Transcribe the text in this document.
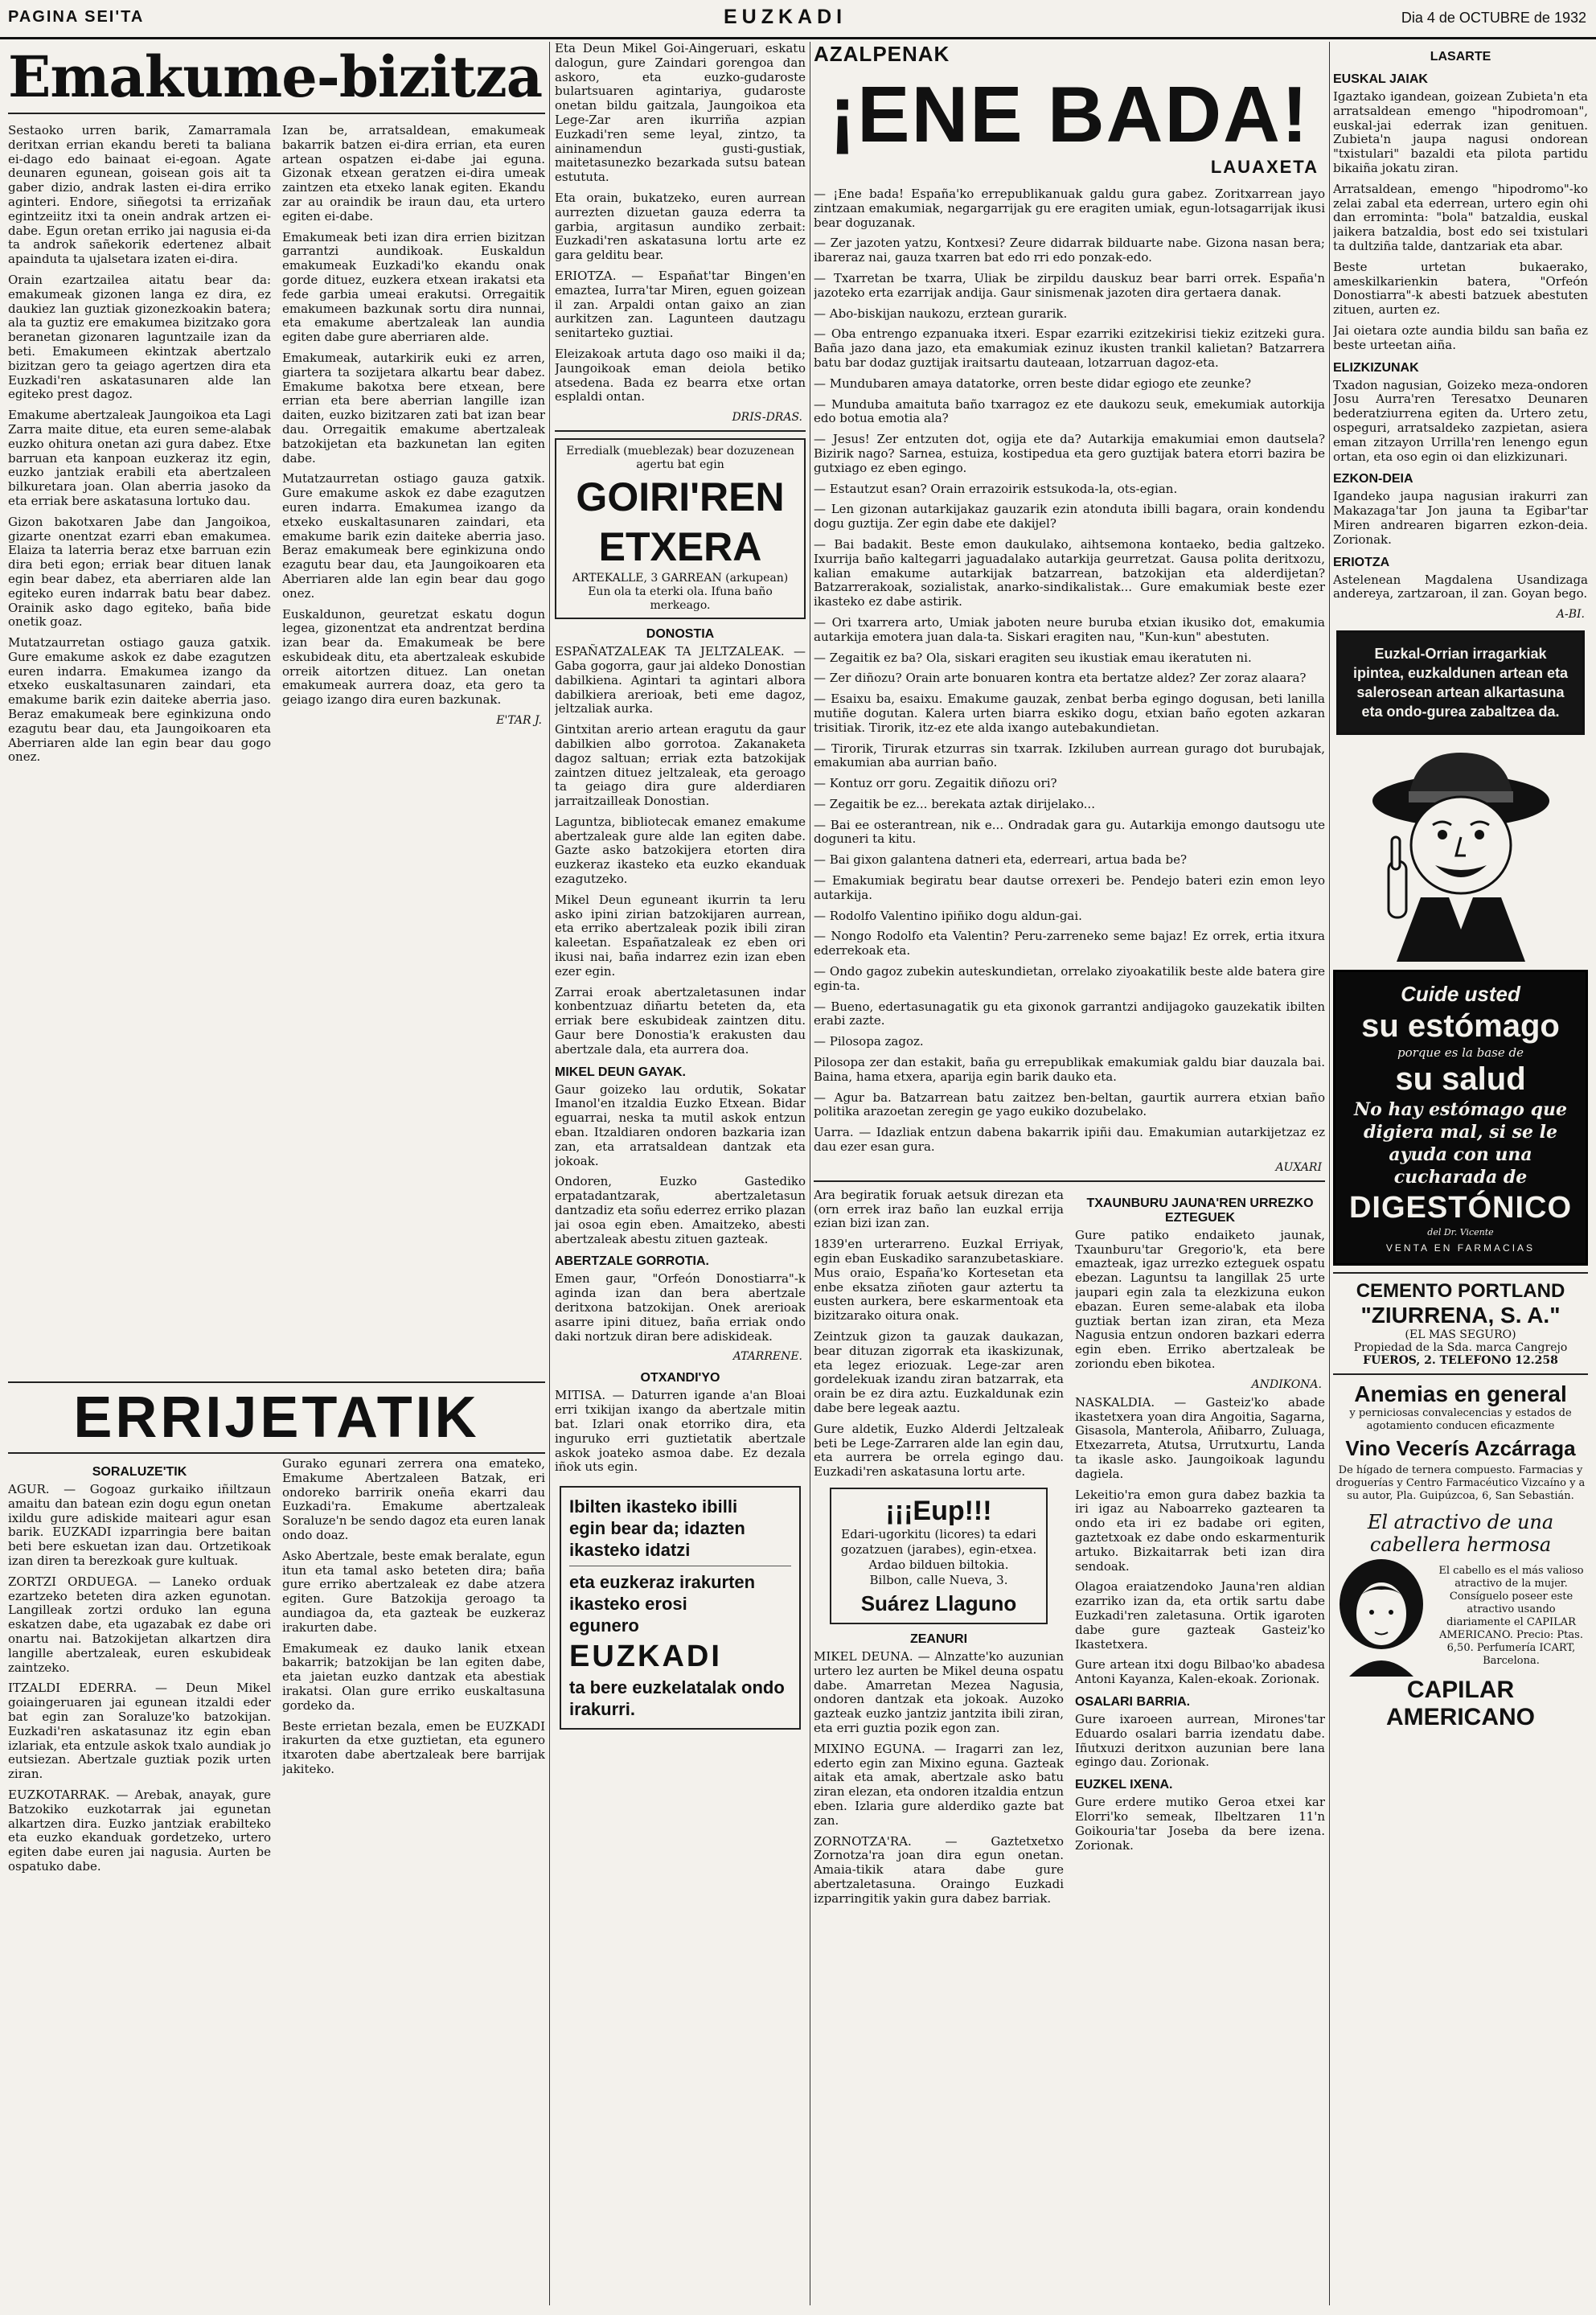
PAGINA SEI'TA	EUZKADI	Dia 4 de OCTUBRE de 1932
Emakume-bizitza

Sestaoko urren barik, Zamarramala deritxan errian ekandu bereti ta baliana ei-dago edo bainaat ei-egoan. Agate deunaren egunean, goisean gois ait ta gaber dizio, andrak lasten ei-dira erriko aginteri. Endore, siñegotsi ta errizañak egintzeiitz itxi ta onein andrak artzen ei-dabe. Egun oretan erriko jai nagusia ei-da ta androk sañekorik edertenez albait apainduta ta ujalsetara izaten ei-dira.

Orain ezartzailea aitatu bear da: emakumeak gizonen langa ez dira, ez daukiez lan guztiak gizonezkoakin batera; ala ta guztiz ere emakumea bizitzako gora beranetan gizonaren laguntzaile izan da beti. Emakumeen ekintzak abertzalo bizitzan gero ta geiago agertzen dira eta Euzkadi'ren askatasunaren alde lan egiteko prest dagoz.

Emakume abertzaleak Jaungoikoa eta Lagi Zarra maite ditue, eta euren seme-alabak euzko ohitura onetan azi gura dabez. Etxe barruan eta kanpoan euzkeraz itz egin, euzko jantziak erabili eta abertzaleen bilkuretara joan. Olan aberria jasoko da eta erriak bere askatasuna lortuko dau.

Gizon bakotxaren Jabe dan Jangoikoa, gizarte onentzat ezarri eban emakumea. Elaiza ta laterria beraz etxe barruan ezin dira beti egon; erriak bear dituen lanak egin bear dabez, eta aberriaren alde lan egiteko euren indarrak batu bear dabez. Orainik asko dago egiteko, baña bide onetik goaz.

Mutatzaurretan ostiago gauza gatxik. Gure emakume askok ez dabe ezagutzen euren indarra. Emakumea izango da etxeko euskaltasunaren zaindari, eta emakume barik ezin daiteke aberria jaso. Beraz emakumeak bere eginkizuna ondo ezagutu bear dau, eta Jaungoikoaren eta Aberriaren alde lan egin bear dau gogo onez.

Izan be, arratsaldean, emakumeak bakarrik batzen ei-dira errian, eta euren artean ospatzen ei-dabe jai eguna. Gizonak etxean geratzen ei-dira umeak zaintzen eta etxeko lanak egiten. Ekandu zar au oraindik be iraun dau, eta urtero egiten ei-dabe.

Emakumeak beti izan dira errien bizitzan garrantzi aundikoak. Euskaldun emakumeak Euzkadi'ko ekandu onak gorde dituez, euzkera etxean irakatsi eta fede garbia umeai erakutsi. Orregaitik emakumeen bazkunak sortu dira nunnai, eta emakume abertzaleak lan aundia egiten dabe gure aberriaren alde.

Emakumeak, autarkirik euki ez arren, giartera ta sozijetara alkartu bear dabez. Emakume bakotxa bere etxean, bere errian eta bere aberrian langille izan daiten, euzko bizitzaren zati bat izan bear dau. Orregaitik emakume abertzaleak batzokijetan eta bazkunetan lan egiten dabe.

Mutatzaurretan ostiago gauza gatxik. Gure emakume askok ez dabe ezagutzen euren indarra. Emakumea izango da etxeko euskaltasunaren zaindari, eta emakume barik ezin daiteke aberria jaso. Beraz emakumeak bere eginkizuna ondo ezagutu bear dau, eta Jaungoikoaren eta Aberriaren alde lan egin bear dau gogo onez.

Euskaldunon, geuretzat eskatu dogun legea, gizonentzat eta andrentzat berdina izan bear da. Emakumeak be bere eskubideak ditu, eta abertzaleak eskubide orreik aitortzen dituez. Lan onetan emakumeak aurrera doaz, eta gero ta geiago izango dira euren bazkunak.

E'TAR J.

ERRIJETATIK
SORALUZE'TIK

AGUR. — Gogoaz gurkaiko iñiltzaun amaitu dan batean ezin dogu egun onetan ixildu gure adiskide maiteari agur esan barik. EUZKADI izparringia bere baitan beti bere eskuetan izan dau. Ortzetikoak izan diren ta berezkoak gure kultuak.

ZORTZI ORDUEGA. — Laneko orduak ezartzeko beteten dira azken egunotan. Langilleak zortzi orduko lan eguna eskatzen dabe, eta ugazabak ez dabe ori onartu nai. Batzokijetan alkartzen dira langille abertzaleak, euren eskubideak zaintzeko.

ITZALDI EDERRA. — Deun Mikel goiaingeruaren jai egunean itzaldi eder bat egin zan Soraluze'ko batzokijan. Euzkadi'ren askatasunaz itz egin eban izlariak, eta entzule askok txalo aundiak jo eutsiezan. Abertzale guztiak pozik urten ziran.

EUZKOTARRAK. — Arebak, anayak, gure Batzokiko euzkotarrak jai egunetan alkartzen dira. Euzko jantziak erabilteko eta euzko ekanduak gordetzeko, urtero egiten dabe euren jai nagusia. Aurten be ospatuko dabe.

Gurako egunari zerrera ona emateko, Emakume Abertzaleen Batzak, eri ondoreko barririk oneña ekarri dau Euzkadi'ra. Emakume abertzaleak Soraluze'n be sendo dagoz eta euren lanak ondo doaz.

Asko Abertzale, beste emak beralate, egun itun eta tamal asko beteten dira; baña gure erriko abertzaleak ez dabe atzera egiten. Gure Batzokija geroago ta aundiagoa da, eta gazteak be euzkeraz irakurten dabe.

Emakumeak ez dauko lanik etxean bakarrik; batzokijan be lan egiten dabe, eta jaietan euzko dantzak eta abestiak irakatsi. Olan gure erriko euskaltasuna gordeko da.

Beste errietan bezala, emen be EUZKADI irakurten da etxe guztietan, eta egunero itxaroten dabe abertzaleak bere barrijak jakiteko.

Eta Deun Mikel Goi-Aingeruari, eskatu dalogun, gure Zaindari gorengoa dan askoro, eta euzko-gudaroste bulartsuaren agintariya, gudaroste onetan bildu gaitzala, Jaungoikoa eta Lege-Zar aren ikurriña azpian Euzkadi'ren seme leyal, zintzo, ta aininamendun gusti-gustiak, maitetasunezko bezarkada sutsu batean estututa.

Eta orain, bukatzeko, euren aurrean aurrezten dizuetan gauza ederra ta garbia, argitasun aundiko zerbait: Euzkadi'ren askatasuna lortu arte ez gara gelditu bear.

ERIOTZA. — Españat'tar Bingen'en emaztea, Iurra'tar Miren, eguen goizean il zan. Arpaldi ontan gaixo an zian aurkitzen zan. Lagunteen dautzagu senitarteko guztiai.

Eleizakoak artuta dago oso maiki il da; Jaungoikoak eman deiola betiko atsedena. Bada ez bearra etxe ortan esplaldi ontan.

DRIS-DRAS.

Erredialk (mueblezak) bear dozuzenean agertu bat egin
GOIRI'REN ETXERA
ARTEKALLE, 3 GARREAN (arkupean) Eun ola ta eterki ola. Ifuna baño merkeago.
DONOSTIA

ESPAÑATZALEAK TA JELTZALEAK. — Gaba gogorra, gaur jai aldeko Donostian dabilkiena. Agintari ta agintari albora dabilkiera arerioak, beti eme dagoz, jeltzaliak aurka.

Gintxitan arerio artean eragutu da gaur dabilkien albo gorrotoa. Zakanaketa dagoz saltuan; erriak ezta batzokijak zaintzen dituez jeltzaleak, eta geroago ta geiago dira gure alderdiaren jarraitzailleak Donostian.

Laguntza, bibliotecak emanez emakume abertzaleak gure alde lan egiten dabe. Gazte asko batzokijera etorten dira euzkeraz ikasteko eta euzko ekanduak ezagutzeko.

Mikel Deun eguneant ikurrin ta leru asko ipini zirian batzokijaren aurrean, eta erriko abertzaleak pozik ibili ziran kaleetan. Españatzaleak ez eben ori ikusi nai, baña indarrez ezin izan eben ezer egin.

Zarrai eroak abertzaletasunen indar konbentzuaz diñartu beteten da, eta erriak bere eskubideak zaintzen ditu. Gaur bere Donostia'k erakusten dau abertzale dala, eta aurrera doa.

MIKEL DEUN GAYAK.

Gaur goizeko lau ordutik, Sokatar Imanol'en itzaldia Euzko Etxean. Bidar eguarrai, neska ta mutil askok entzun eban. Itzaldiaren ondoren bazkaria izan zan, eta arratsaldean dantzak eta jokoak.

Ondoren, Euzko Gastediko erpatadantzarak, abertzaletasun dantzadiz eta soñu ederrez erriko plazan jai osoa egin eben. Amaitzeko, abesti abertzaleak abestu zituen gazteak.

ABERTZALE GORROTIA.

Emen gaur, "Orfeón Donostiarra"-k aginda izan dan bera abertzale deritxona batzokijan. Onek arerioak asarre ipini dituez, baña erriak ondo daki nortzuk diran bere adiskideak.

ATARRENE.

OTXANDI'YO

MITISA. — Daturren igande a'an Bloai erri txikijan ixango da abertzale mitin bat. Izlari onak etorriko dira, eta inguruko erri guztietatik abertzale askok joateko asmoa dabe. Ez dezala iñok uts egin.

Ibilten ikasteko ibilli
egin bear da; idazten
ikasteko idatzi
eta euzkeraz irakurten ikasteko erosi
egunero
EUZKADI
ta bere euzkelatalak ondo irakurri.
AZALPENAK
¡ENE BADA!
LAUAXETA

— ¡Ene bada! España'ko errepublikanuak galdu gura gabez. Zoritxarrean jayo zintzaan emakumiak, negargarrijak gu ere eragiten umiak, egun-lotsagarrijak ikusi bear doguzanak.

— Zer jazoten yatzu, Kontxesi? Zeure didarrak bilduarte nabe. Gizona nasan bera; ibareraz nai, gauza txarren bat edo rri edo ponzak-edo.

— Txarretan be txarra, Uliak be zirpildu dauskuz bear barri orrek. España'n jazoteko erta ezarrijak andija. Gaur sinismenak jazoten dira gertaera danak.

— Abo-biskijan naukozu, erztean gurarik.

— Oba entrengo ezpanuaka itxeri. Espar ezarriki ezitzekirisi tiekiz ezitzeki gura. Baña jazo dana jazo, eta emakumiak ezinuz ikusten trankil kalietan? Batzarrera batu bar dodaz guztijak iraitsartu dauteaan, lotzarruan dagoz-eta.

— Mundubaren amaya datatorke, orren beste didar egiogo ete zeunke?

— Munduba amaituta baño txarragoz ez ete daukozu seuk, emekumiak autorkija edo botua emotia ala?

— Jesus! Zer entzuten dot, ogija ete da? Autarkija emakumiai emon dautsela? Bizirik nago? Sarnea, estuiza, kostipedua eta gero guztijak batera etorri bazira be gutxiago ez eben egingo.

— Estautzut esan? Orain errazoirik estsukoda-la, ots-egian.

— Len gizonan autarkijakaz gauzarik ezin atonduta ibilli bagara, orain kondendu dogu guztija. Zer egin dabe ete dakijel?

— Bai badakit. Beste emon daukulako, aihtsemona kontaeko, bedia galtzeko. Ixurrija baño kaltegarri jaguadalako autarkija geurretzat. Gausa polita deritxozu, kalian emakume autarkijak batzarrean, batzokijan eta alderdijetan? Batzarrerakoak, sozialistak, anarko-sindikalistak... Gure emakumiak beste ezer ikasteko ez dabe astirik.

— Ori txarrera arto, Umiak jaboten neure buruba etxian ikusiko dot, emakumia autarkija emotera juan dala-ta. Siskari eragiten nau, "Kun-kun" abestuten.

— Zegaitik ez ba? Ola, siskari eragiten seu ikustiak emau ikeratuten ni.

— Zer diñozu? Orain arte bonuaren kontra eta bertatze aldez? Zer zoraz alaara?

— Esaixu ba, esaixu. Emakume gauzak, zenbat berba egingo dogusan, beti lanilla mutiñe dogutan. Kalera urten biarra eskiko dogu, etxian baño egoten azkaran trisitiak. Tirorik, itz-ez ete alda ixango autebakundietan.

— Tirorik, Tirurak etzurras sin txarrak. Izkiluben aurrean gurago dot burubajak, emakumian aba aurrian baño.

— Kontuz orr goru. Zegaitik diñozu ori?

— Zegaitik be ez... berekata aztak dirijelako...

— Bai ee osterantrean, nik e... Ondradak gara gu. Autarkija emongo dautsogu ute doguneri ta kitu.

— Bai gixon galantena datneri eta, ederreari, artua bada be?

— Emakumiak begiratu bear dautse orrexeri be. Pendejo bateri ezin emon leyo autarkija.

— Rodolfo Valentino ipiñiko dogu aldun-gai.

— Nongo Rodolfo eta Valentin? Peru-zarreneko seme bajaz! Ez orrek, ertia itxura ederrekoak eta.

— Ondo gagoz zubekin auteskundietan, orrelako ziyoakatilik beste alde batera gire egin-ta.

— Bueno, edertasunagatik gu eta gixonok garrantzi andijagoko gauzekatik ibilten erabi zazte.

— Pilosopa zagoz.

Pilosopa zer dan estakit, baña gu errepublikak emakumiak galdu biar dauzala bai. Baina, hama etxera, aparija egin barik dauko eta.

— Agur ba. Batzarrean batu zaitzez ben-beltan, gaurtik aurrera etxian baño politika arazoetan zeregin ge yago eukiko dozubelako.

Uarra. — Idazliak entzun dabena bakarrik ipiñi dau. Emakumian autarkijetzaz ez dau ezer esan gura.

AUXARI

Ara begiratik foruak aetsuk direzan eta (orn errek iraz baño lan euzkal errija ezian bizi izan zan.

1839'en urterarreno. Euzkal Erriyak, egin eban Euskadiko saranzubetaskiare. Mus oraio, España'ko Kortesetan eta enbe eksatza ziñoten gaur aztertu ta eusten aurkera, bere eskarmentoak eta bizitzarako oitura onak.

Zeintzuk gizon ta gauzak daukazan, bear dituzan zigorrak eta ikaskizunak, eta legez eriozuak. Lege-zar aren gordelekuak izandu ziran batzarrak, eta orain be ez dira aztu. Euzkaldunak ezin dabe bere legeak aaztu.

Gure aldetik, Euzko Alderdi Jeltzaleak beti be Lege-Zarraren alde lan egin dau, eta aurrera be orrela egingo dau. Euzkadi'ren askatasuna lortu arte.

¡¡¡Eup!!!
Edari-ugorkitu (licores) ta edari gozatzuen (jarabes), egin-etxea. Ardao bilduen biltokia.
Bilbon, calle Nueva, 3.
Suárez Llaguno
ZEANURI

MIKEL DEUNA. — Alnzatte'ko auzunian urtero lez aurten be Mikel deuna ospatu dabe. Amarretan Mezea Nagusia, ondoren dantzak eta jokoak. Auzoko gazteak euzko jantziz jantzita ibili ziran, eta erri guztia pozik egon zan.

MIXINO EGUNA. — Iragarri zan lez, ederto egin zan Mixino eguna. Gazteak aitak eta amak, abertzale asko batu ziran elezan, eta ondoren itzaldia entzun eben. Izlaria gure alderdiko gazte bat zan.

ZORNOTZA'RA. — Gaztetxetxo Zornotza'ra joan dira egun onetan. Amaia-tikik atara dabe gure abertzaletasuna. Oraingo Euzkadi izparringitik yakin gura dabez barriak.

TXAUNBURU JAUNA'REN URREZKO EZTEGUEK

Gure patiko endaiketo jaunak, Txaunburu'tar Gregorio'k, eta bere emazteak, igaz urrezko ezteguek ospatu ebezan. Laguntsu ta langillak 25 urte jaupari egin zala ta elezkizuna eukon ebazan. Euren seme-alabak eta iloba guztiak bertan izan ziran, eta Meza Nagusia entzun ondoren bazkari ederra egin eben. Erriko abertzaleak be zoriondu eben bikotea.

ANDIKONA.

NASKALDIA. — Gasteiz'ko abade ikastetxera yoan dira Angoitia, Sagarna, Gisasola, Manterola, Añibarro, Zuluaga, Etxezarreta, Atutsa, Urrutxurtu, Landa ta ikasle asko. Jaungoikoak lagundu dagiela.

Lekeitio'ra emon gura dabez bazkia ta iri igaz au Naboarreko gaztearen ta ondo eta iri ez badabe ori egiten, gaztetxoak ez dabe ondo eskarmenturik artuko. Bizkaitarrak beti izan dira sendoak.

Olagoa eraiatzendoko Jauna'ren aldian ezarriko izan da, eta ortik sartu dabe Euzkadi'ren zaletasuna. Ortik igaroten dabe gure gazteak Gasteiz'ko Ikastetxera.

Gure artean itxi dogu Bilbao'ko abadesa Antoni Kayanza, Kalen-ekoak. Zorionak.

OSALARI BARRIA.

Gure ixaroeen aurrean, Mirones'tar Eduardo osalari barria izendatu dabe. Iñutxuzi deritxon auzunian bere lana egingo dau. Zorionak.

EUZKEL IXENA.

Gure erdere mutiko Geroa etxei kar Elorri'ko semeak, Ilbeltzaren 11'n Goikouria'tar Joseba da bere izena. Zorionak.

LASARTE
EUSKAL JAIAK

Igaztako igandean, goizean Zubieta'n eta arratsaldean emengo "hipodromoan", euskal-jai ederrak izan genituen. Zubieta'n jaupa nagusi ondorean "txistulari" bazaldi eta pilota partidu bikaiña jokatu ziran.

Arratsaldean, emengo "hipodromo"-ko zelai zabal eta ederrean, urtero egin ohi dan errominta: "bola" batzaldia, euskal jaikera batzaldia, bost edo sei txistulari ta dultziña talde, dantzariak eta abar.

Beste urtetan bukaerako, ameskilkarienkin batera, "Orfeón Donostiarra"-k abesti batzuek abestuten zituen, aurten ez.

Jai oietara ozte aundia bildu san baña ez beste urteetan aiña.

ELIZKIZUNAK

Txadon nagusian, Goizeko meza-ondoren Josu Aurra'ren Teresatxo Deunaren bederatziurrena egiten da. Urtero zetu, ospeguri, arratsaldeko zazpietan, asiera eman zitzayon Urrilla'ren lenengo egun ortan, eta oso egin oi dan elizkizunari.

EZKON-DEIA

Igandeko jaupa nagusian irakurri zan Makazaga'tar Jon jauna ta Egibar'tar Miren andrearen bigarren ezkon-deia. Zorionak.

ERIOTZA

Astelenean Magdalena Usandizaga andereya, zartzaroan, il zan. Goyan bego.

A-BI.

Euzkal-Orrian irragarkiak ipintea, euzkaldunen artean eta salerosean artean alkartasuna eta ondo-gurea zabaltzea da.
Cuide usted
su estómago
porque es la base de
su salud
No hay estómago que digiera mal, si se le ayuda con una cucharada de
DIGESTÓNICO
del Dr. Vicente
VENTA EN FARMACIAS
CEMENTO PORTLAND
"ZIURRENA, S. A."
(EL MAS SEGURO)
Propiedad de la Sda. marca Cangrejo
FUEROS, 2. TELEFONO 12.258
Anemias en general
y perniciosas convalecencias y estados de agotamiento conducen eficazmente
Vino Vecerís Azcárraga
De hígado de ternera compuesto. Farmacias y droguerías y Centro Farmacéutico Vizcaíno y a su autor, Pla. Guipúzcoa, 6, San Sebastián.
El atractivo de una cabellera hermosa
El cabello es el más valioso atractivo de la mujer. Consíguelo poseer este atractivo usando diariamente el CAPILAR AMERICANO. Precio: Ptas. 6,50. Perfumería ICART, Barcelona.
CAPILAR AMERICANO
